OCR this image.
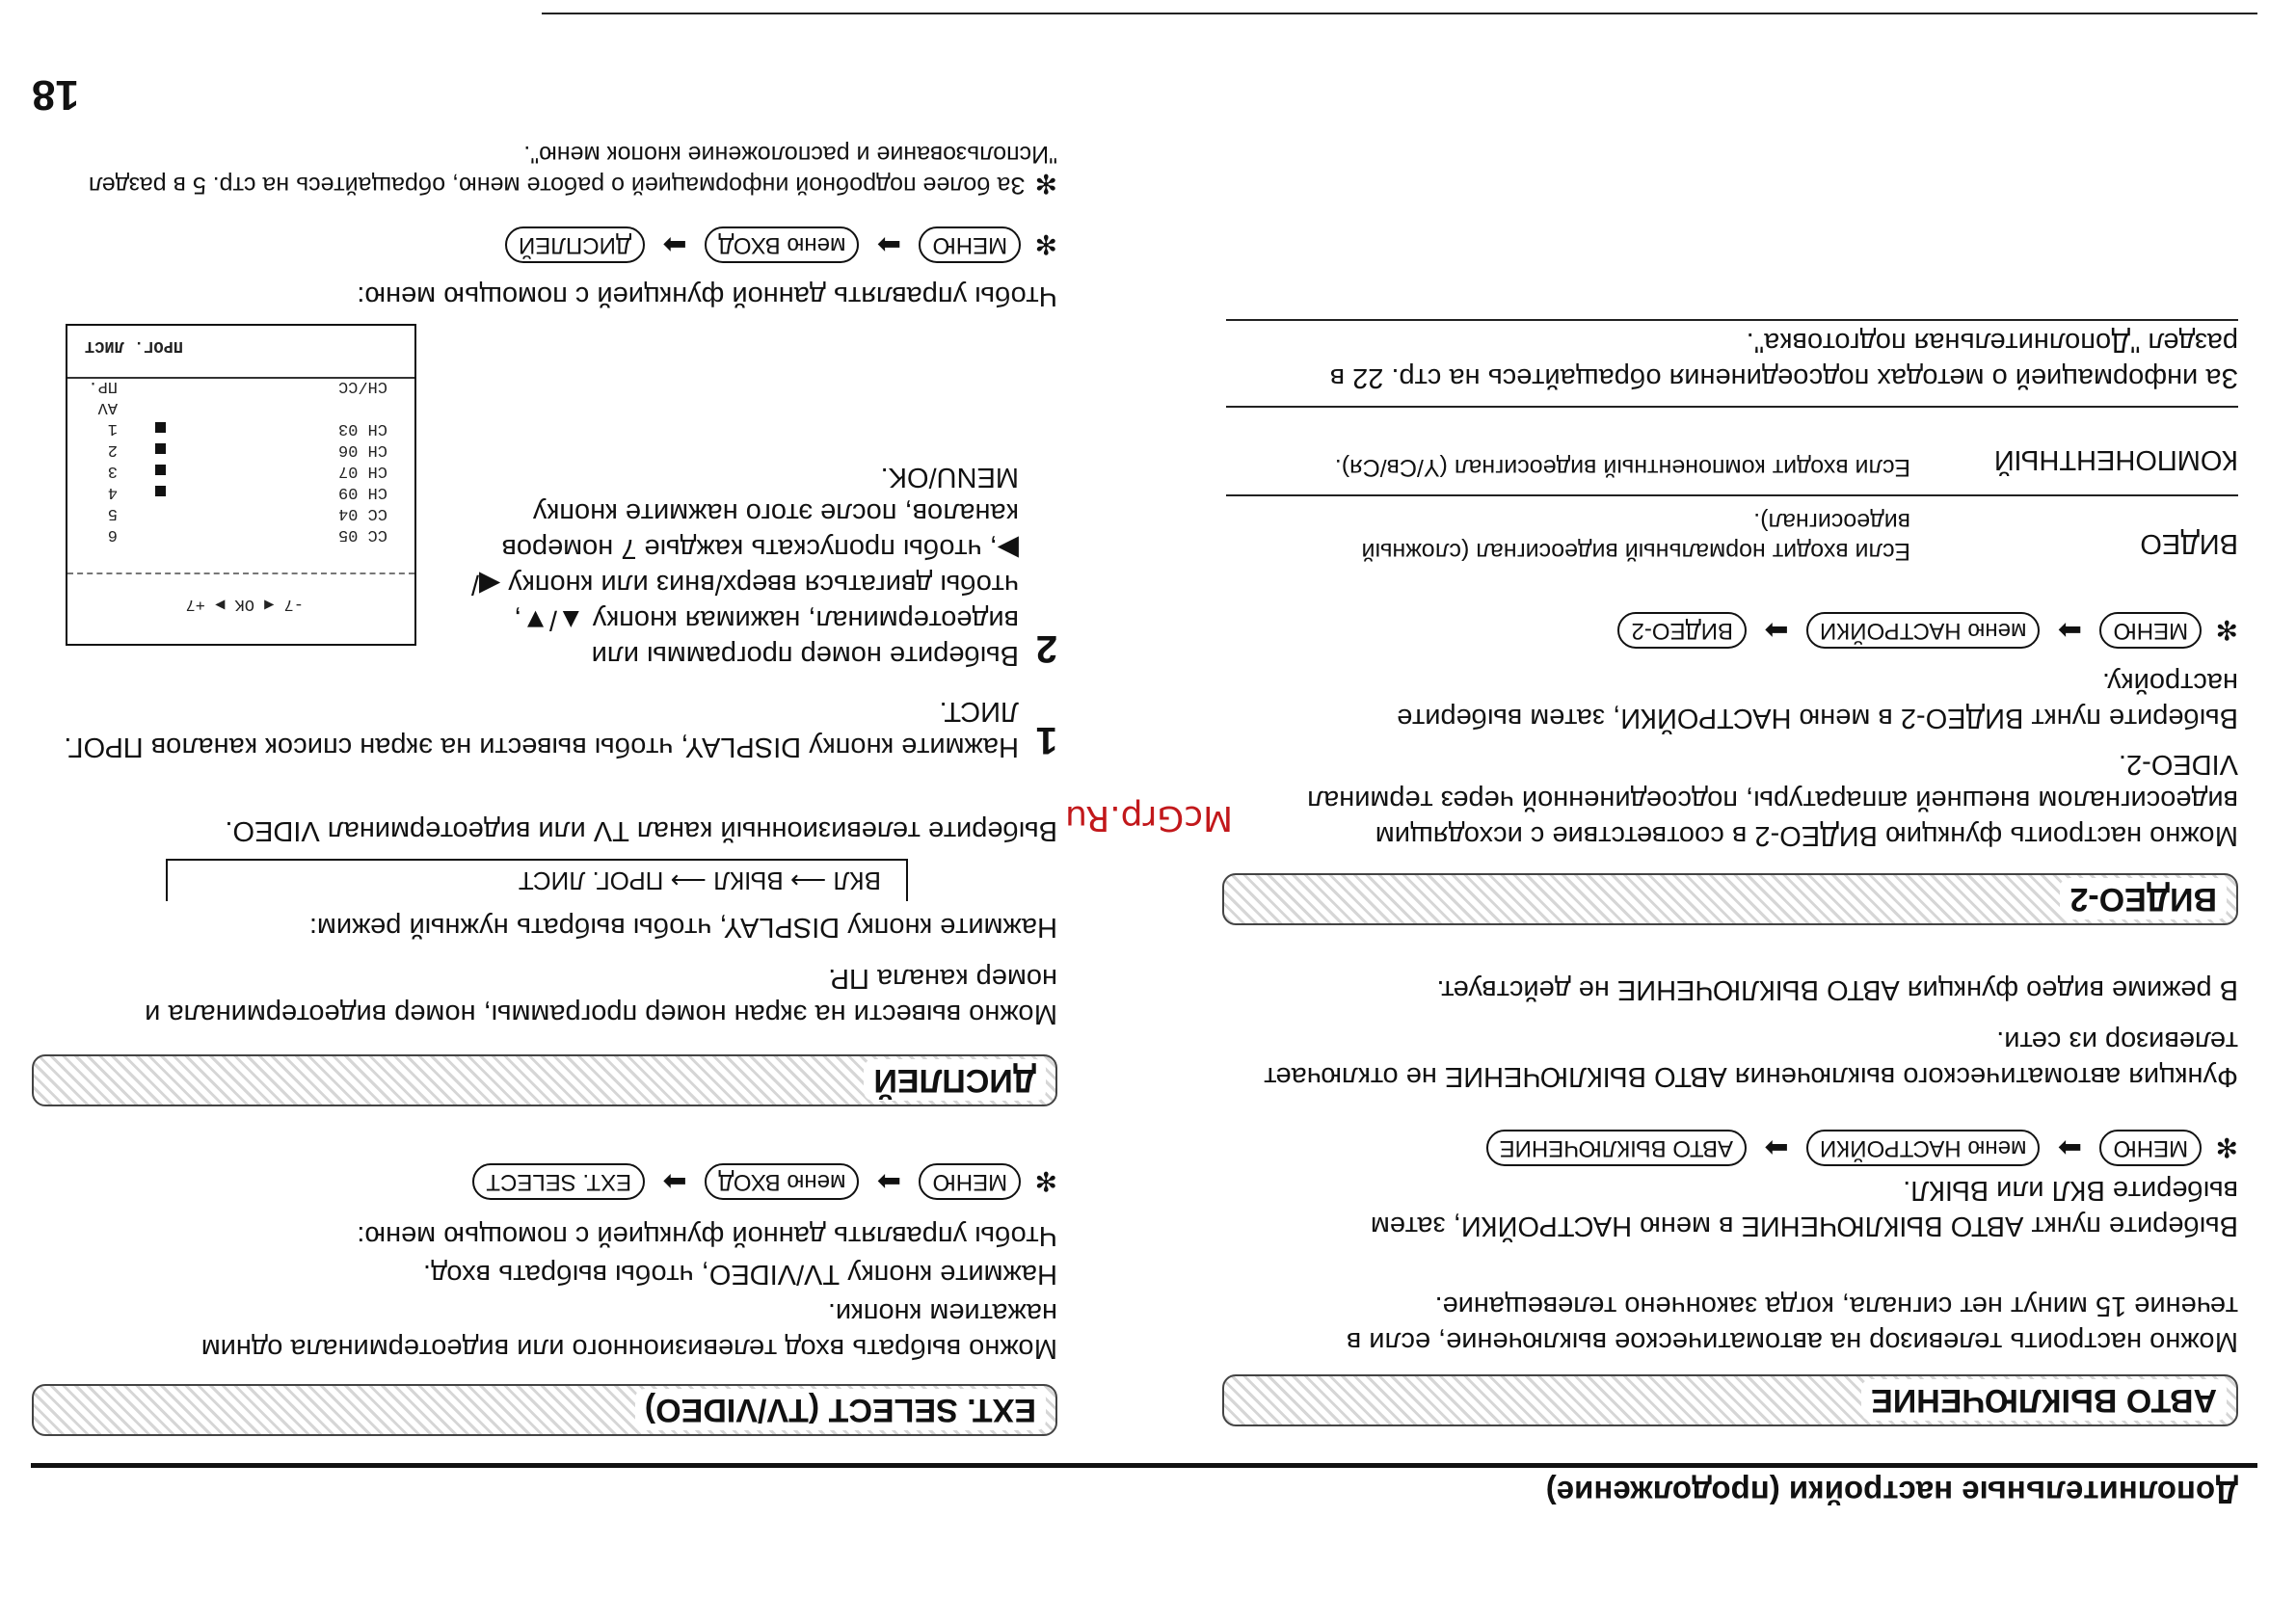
Дополнительные настройки (продолжение)
18
АВТО ВЫКЛЮЧЕНИЕ
Можно настроить телевизор на автоматическое выключение, если в течение 15 минут нет сигнала, когда закончено телевещание.
Выберите пункт АВТО ВЫКЛЮЧЕНИЕ в меню НАСТРОЙКИ, затем выберите ВКЛ или ВЫКЛ.
✻ МЕНЮ ➡ меню НАСТРОЙКИ ➡ АВТО ВЫКЛЮЧЕНИЕ
Функция автоматического выключения АВТО ВЫКЛЮЧЕНИЕ не отключает телевизор из сети.
В режиме видео функция АВТО ВЫКЛЮЧЕНИЕ не действует.
ВИДЕО-2
Можно настроить функцию ВИДЕО-2 в соответствие с исходящим видеосигналом внешней аппаратуры, подсоединенной через терминал VIDEO-2.
Выберите пункт ВИДЕО-2 в меню НАСТРОЙКИ, затем выберите настройку.
✻ МЕНЮ ➡ меню НАСТРОЙКИ ➡ ВИДЕО-2
ВИДЕО
Если входит нормальный видеосигнал (сложный видеосигнал).
КОМПОНЕНТНЫЙ
Если входит компонентный видеосигнал (Y/Cв/Cя).
За информацией о методах подсоединения обращайтесь на стр. 22 в раздел "Дополнительная подготовка".
EXT. SELECT (TV/VIDEO)
Можно выбрать вход телевизионного или видеотерминала одним нажатием кнопки.
Нажмите кнопку TV/VIDEO, чтобы выбрать вход.
Чтобы управлять данной функцией с помощью меню:
✻ МЕНЮ ➡ меню ВХОД ➡ EXT. SELECT
ДИСПЛЕЙ
Можно вывести на экран номер программы, номер видеотерминала и номер канала ПР.
Нажмите кнопку DISPLAY, чтобы выбрать нужный режим:
ВКЛ ⟶ ВЫКЛ ⟶ ПРОГ. ЛИСТ
Выберите телевизионный канал TV или видеотерминал VIDEO.
1
Нажмите кнопку DISPLAY, чтобы вывести на экран список каналов ПРОГ. ЛИСТ.
2
Выберите номер программы или видеотерминал, нажимая кнопку ▲/▼, чтобы двигаться вверх/вниз или кнопку ◀/▶, чтобы пропускать каждые 7 номеров каналов, после этого нажмите кнопку MENU/OK.
-7 ◀ OK ▶ +7
ПРОГ. ЛИСТ
CH/CC
ПР.
AV
CH 03
1
CH 06
2
CH 07
3
CH 09
4
CC 04
5
CC 05
6
Чтобы управлять данной функцией с помощью меню:
✻ МЕНЮ ➡ меню ВХОД ➡ ДИСПЛЕЙ
✻За более подробной информацией о работе меню, обращайтесь на стр. 5 в раздел "Использование и расположение кнопок меню".
McGrp.Ru
